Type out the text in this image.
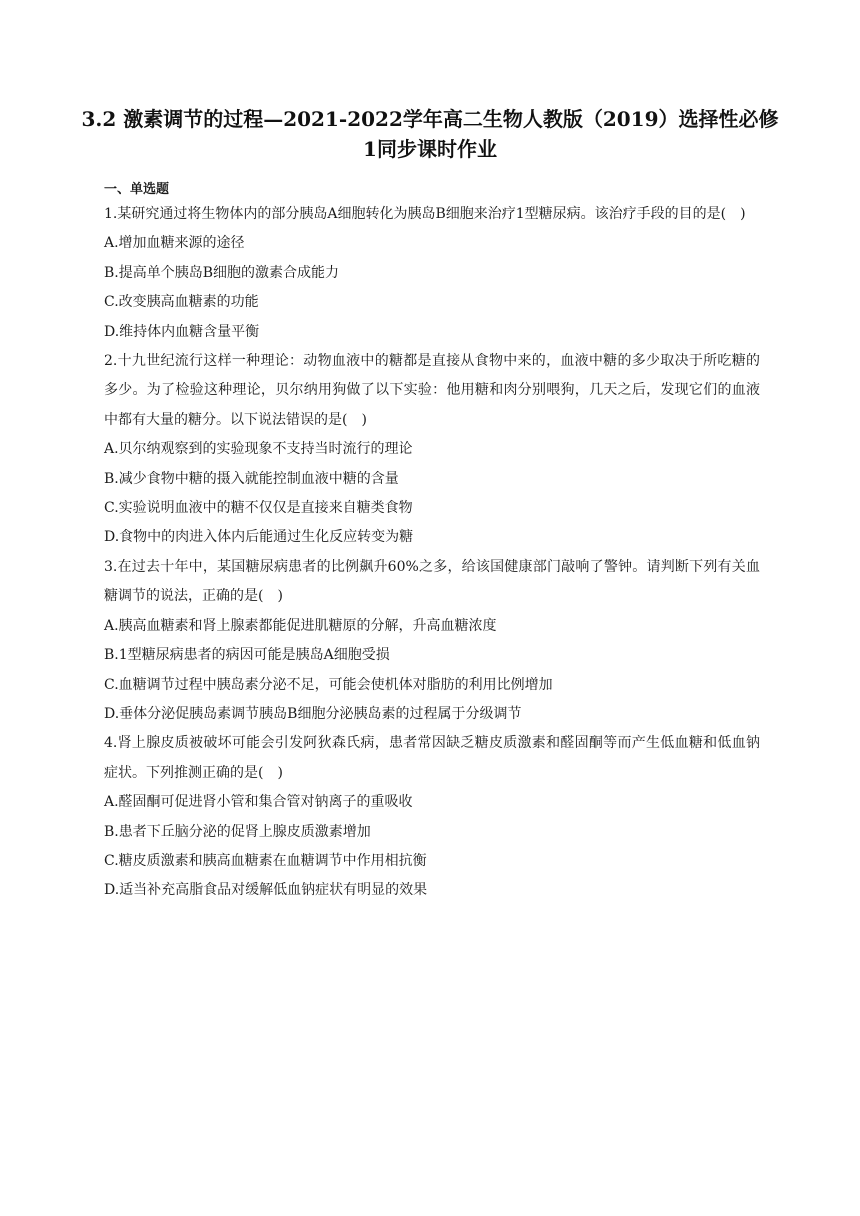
3.2 激素调节的过程—2021-2022学年高二生物人教版（2019）选择性必修1同步课时作业

一、单选题

1.某研究通过将生物体内的部分胰岛A细胞转化为胰岛B细胞来治疗1型糖尿病。该治疗手段的目的是(　)

A.增加血糖来源的途径

B.提高单个胰岛B细胞的激素合成能力

C.改变胰高血糖素的功能

D.维持体内血糖含量平衡

2.十九世纪流行这样一种理论：动物血液中的糖都是直接从食物中来的，血液中糖的多少取决于所吃糖的多少。为了检验这种理论，贝尔纳用狗做了以下实验：他用糖和肉分别喂狗，几天之后，发现它们的血液中都有大量的糖分。以下说法错误的是(　)

A.贝尔纳观察到的实验现象不支持当时流行的理论

B.减少食物中糖的摄入就能控制血液中糖的含量

C.实验说明血液中的糖不仅仅是直接来自糖类食物

D.食物中的肉进入体内后能通过生化反应转变为糖

3.在过去十年中，某国糖尿病患者的比例飙升60%之多，给该国健康部门敲响了警钟。请判断下列有关血糖调节的说法，正确的是(　)

A.胰高血糖素和肾上腺素都能促进肌糖原的分解，升高血糖浓度

B.1型糖尿病患者的病因可能是胰岛A细胞受损

C.血糖调节过程中胰岛素分泌不足，可能会使机体对脂肪的利用比例增加

D.垂体分泌促胰岛素调节胰岛B细胞分泌胰岛素的过程属于分级调节

4.肾上腺皮质被破坏可能会引发阿狄森氏病，患者常因缺乏糖皮质激素和醛固酮等而产生低血糖和低血钠症状。下列推测正确的是(　)

A.醛固酮可促进肾小管和集合管对钠离子的重吸收

B.患者下丘脑分泌的促肾上腺皮质激素增加

C.糖皮质激素和胰高血糖素在血糖调节中作用相抗衡

D.适当补充高脂食品对缓解低血钠症状有明显的效果
